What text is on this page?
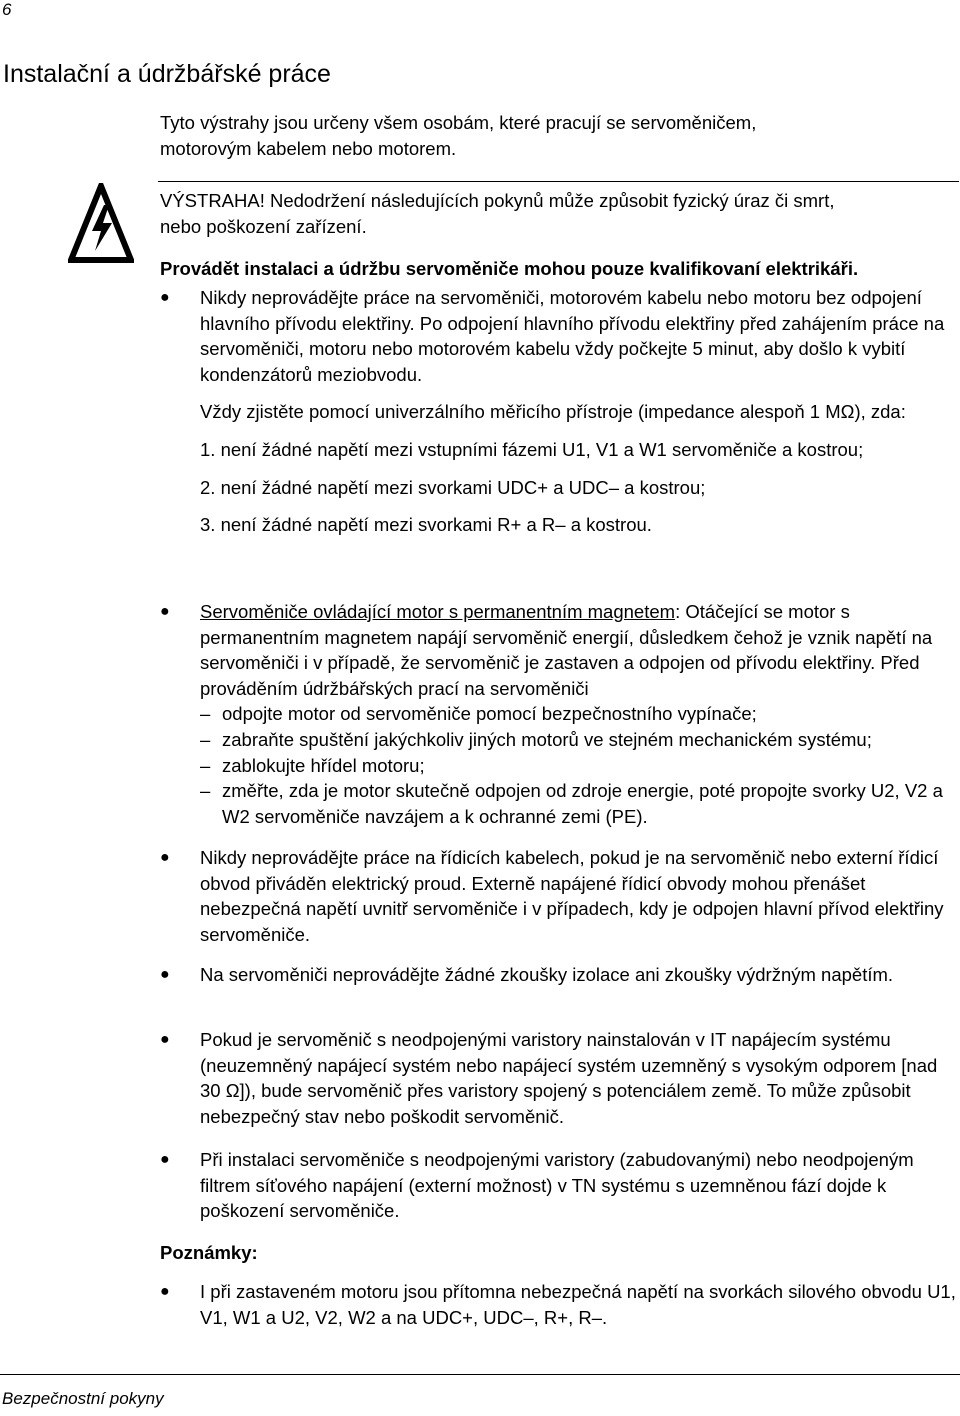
6
Instalační a údržbářské práce
Tyto výstrahy jsou určeny všem osobám, které pracují se servoměničem,
motorovým kabelem nebo motorem.
VÝSTRAHA! Nedodržení následujících pokynů může způsobit fyzický úraz či smrt,
nebo poškození zařízení.
Provádět instalaci a údržbu servoměniče mohou pouze kvalifikovaní elektrikáři.
●	Nikdy neprovádějte práce na servoměniči, motorovém kabelu nebo motoru bez odpojení hlavního přívodu elektřiny. Po odpojení hlavního přívodu elektřiny před zahájením práce na servoměniči, motoru nebo motorovém kabelu vždy počkejte 5 minut, aby došlo k vybití kondenzátorů meziobvodu.

Vždy zjistěte pomocí univerzálního měřicího přístroje (impedance alespoň 1 MΩ), zda:

1. není žádné napětí mezi vstupními fázemi U1, V1 a W1 servoměniče a kostrou;

2. není žádné napětí mezi svorkami UDC+ a UDC– a kostrou;

3. není žádné napětí mezi svorkami R+ a R– a kostrou.

●	Servoměniče ovládající motor s permanentním magnetem: Otáčející se motor s permanentním magnetem napájí servoměnič energií, důsledkem čehož je vznik napětí na servoměniči i v případě, že servoměnič je zastaven a odpojen od přívodu elektřiny. Před prováděním údržbářských prací na servoměniči

– odpojte motor od servoměniče pomocí bezpečnostního vypínače;
– zabraňte spuštění jakýchkoliv jiných motorů ve stejném mechanickém systému;
– zablokujte hřídel motoru;
– změřte, zda je motor skutečně odpojen od zdroje energie, poté propojte svorky U2, V2 a W2 servoměniče navzájem a k ochranné zemi (PE).
●	Nikdy neprovádějte práce na řídicích kabelech, pokud je na servoměnič nebo externí řídicí obvod přiváděn elektrický proud. Externě napájené řídicí obvody mohou přenášet nebezpečná napětí uvnitř servoměniče i v případech, kdy je odpojen hlavní přívod elektřiny servoměniče.
●	Na servoměniči neprovádějte žádné zkoušky izolace ani zkoušky výdržným napětím.
●	Pokud je servoměnič s neodpojenými varistory nainstalován v IT napájecím systému (neuzemněný napájecí systém nebo napájecí systém uzemněný s vysokým odporem [nad 30 Ω]), bude servoměnič přes varistory spojený s potenciálem země. To může způsobit nebezpečný stav nebo poškodit servoměnič.
●	Při instalaci servoměniče s neodpojenými varistory (zabudovanými) nebo neodpojeným filtrem síťového napájení (externí možnost) v TN systému s uzemněnou fází dojde k poškození servoměniče.
Poznámky:
●	I při zastaveném motoru jsou přítomna nebezpečná napětí na svorkách silového obvodu U1, V1, W1 a U2, V2, W2 a na UDC+, UDC–, R+, R–.
Bezpečnostní pokyny
